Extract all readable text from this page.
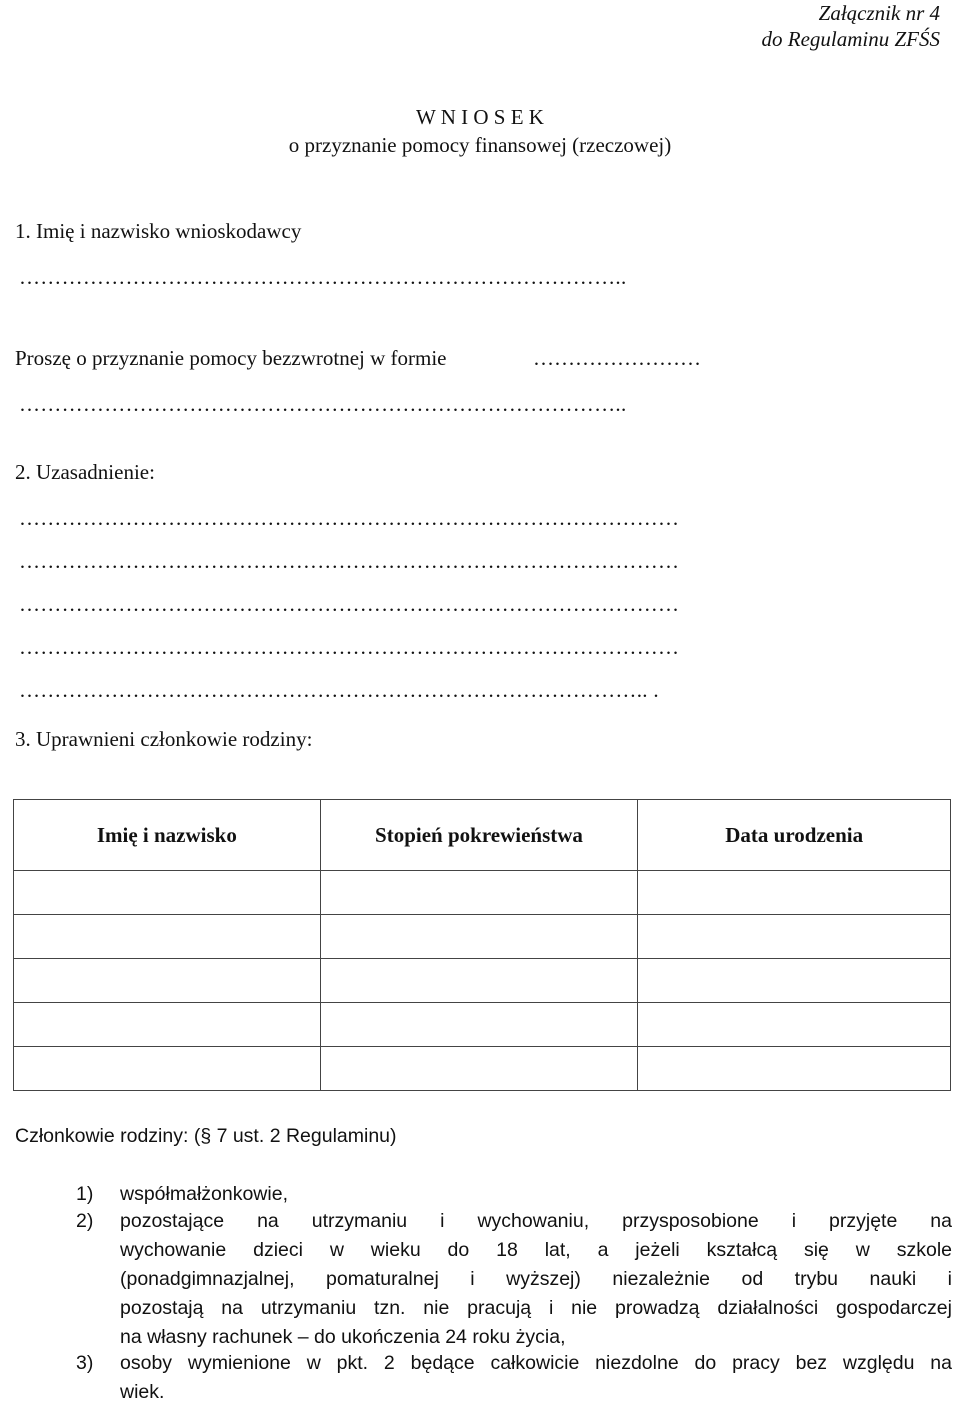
Załącznik nr 4
do Regulaminu ZFŚS
W N I O S E K
o przyznanie pomocy finansowej (rzeczowej)
1. Imię i nazwisko wnioskodawcy
…………………………………………………………………………..
Proszę o przyznanie pomocy bezzwrotnej w formie	……………………
…………………………………………………………………………..
2. Uzasadnienie:
…………………………………………………………………………………
…………………………………………………………………………………
…………………………………………………………………………………
…………………………………………………………………………………
…………………………………………………………………………….. .
3. Uprawnieni członkowie rodziny:
Imię i nazwisko	Stopień pokrewieństwa	Data urodzenia

Członkowie rodziny: (§ 7 ust. 2 Regulaminu)
1) współmałżonkowie,
2) pozostające na utrzymaniu i wychowaniu, przysposobione i przyjęte na
wychowanie dzieci w wieku do 18 lat, a jeżeli kształcą się w szkole
(ponadgimnazjalnej, pomaturalnej i wyższej) niezależnie od trybu nauki i
pozostają na utrzymaniu tzn. nie pracują i nie prowadzą działalności gospodarczej
na własny rachunek – do ukończenia 24 roku życia,
3) osoby wymienione w pkt. 2 będące całkowicie niezdolne do pracy bez względu na
wiek.
